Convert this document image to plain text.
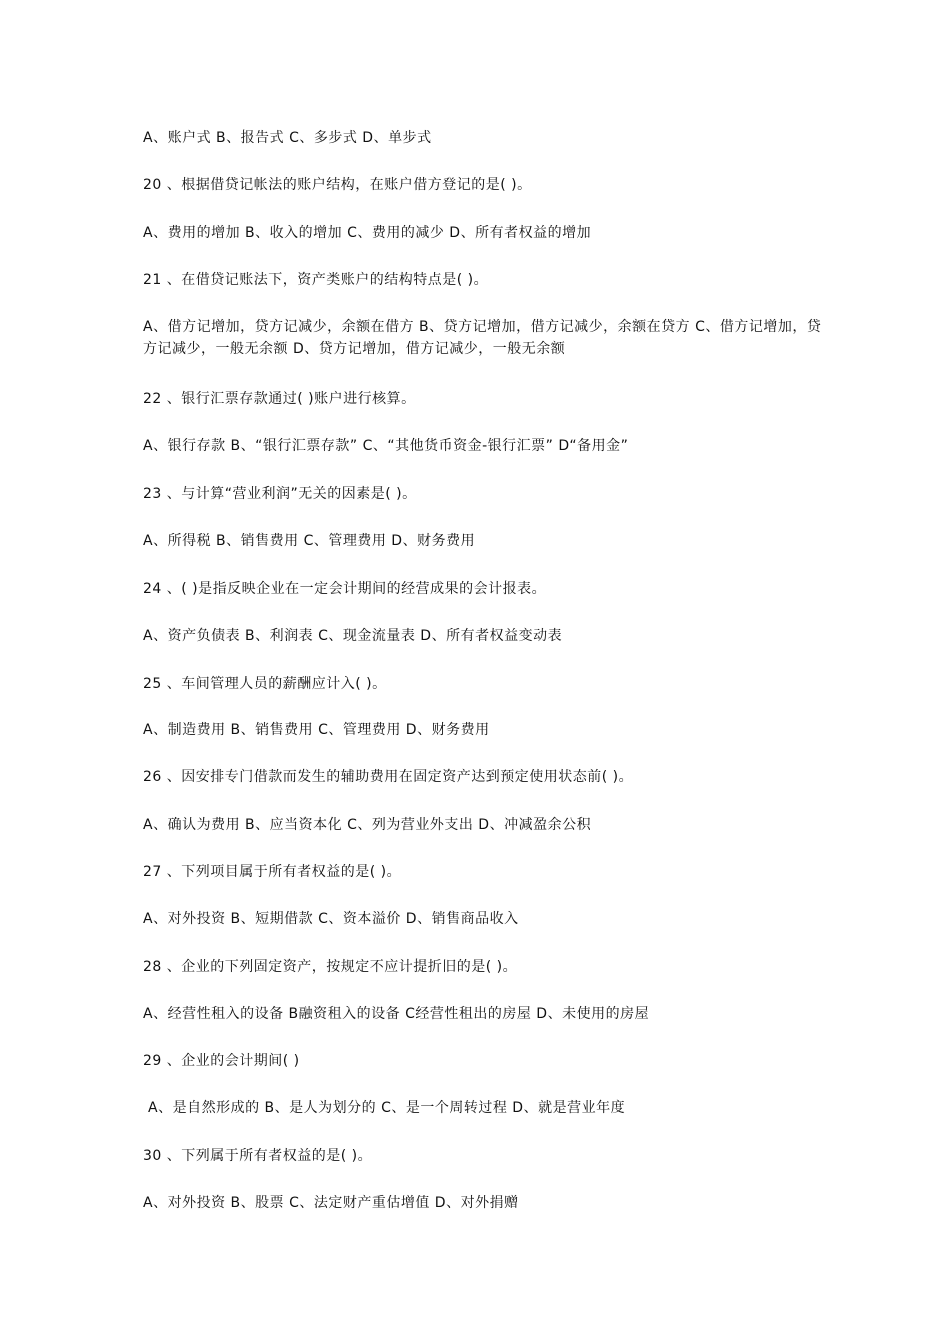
A、账户式 B、报告式 C、多步式 D、单步式
20 、根据借贷记帐法的账户结构，在账户借方登记的是( )。
A、费用的增加 B、收入的增加 C、费用的减少 D、所有者权益的增加
21 、在借贷记账法下，资产类账户的结构特点是( )。
A、借方记增加，贷方记减少，余额在借方 B、贷方记增加，借方记减少，余额在贷方 C、借方记增加，贷方记减少，一般无余额 D、贷方记增加，借方记减少，一般无余额
22 、银行汇票存款通过( )账户进行核算。
A、银行存款 B、“银行汇票存款” C、“其他货币资金-银行汇票” D“备用金”
23 、与计算“营业利润”无关的因素是( )。
A、所得税 B、销售费用 C、管理费用 D、财务费用
24 、( )是指反映企业在一定会计期间的经营成果的会计报表。
A、资产负债表 B、利润表 C、现金流量表 D、所有者权益变动表
25 、车间管理人员的薪酬应计入( )。
A、制造费用 B、销售费用 C、管理费用 D、财务费用
26 、因安排专门借款而发生的辅助费用在固定资产达到预定使用状态前( )。
A、确认为费用 B、应当资本化 C、列为营业外支出 D、冲减盈余公积
27 、下列项目属于所有者权益的是( )。
A、对外投资 B、短期借款 C、资本溢价 D、销售商品收入
28 、企业的下列固定资产，按规定不应计提折旧的是( )。
A、经营性租入的设备 B融资租入的设备 C经营性租出的房屋 D、未使用的房屋
29 、企业的会计期间( )
A、是自然形成的 B、是人为划分的 C、是一个周转过程 D、就是营业年度
30 、下列属于所有者权益的是( )。
A、对外投资 B、股票 C、法定财产重估增值 D、对外捐赠
